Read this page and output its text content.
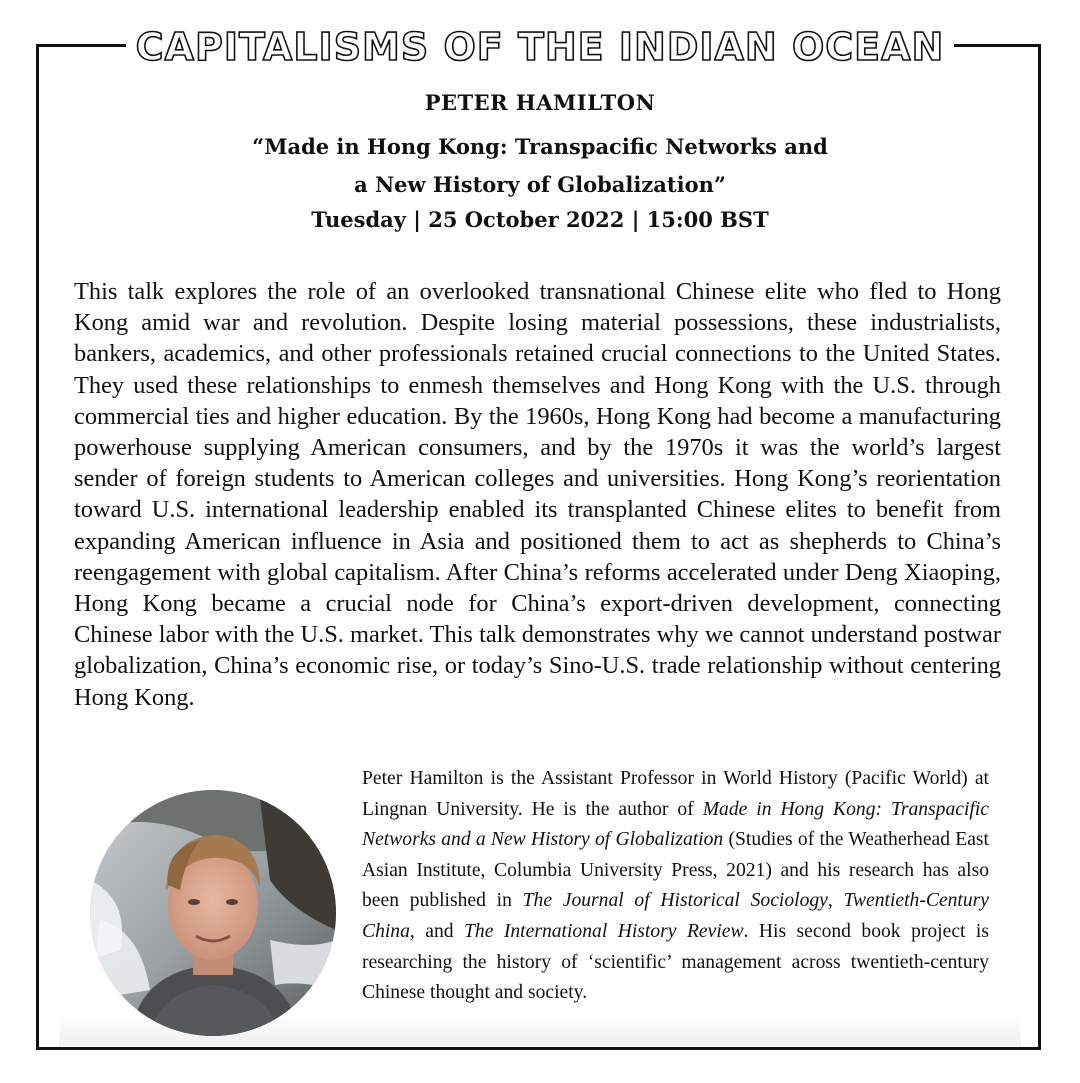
CAPITALISMS OF THE INDIAN OCEAN
PETER HAMILTON
“Made in Hong Kong: Transpacific Networks and
a New History of Globalization”
Tuesday | 25 October 2022 | 15:00 BST

This talk explores the role of an overlooked transnational Chinese elite who fled to Hong Kong amid war and revolution. Despite losing material possessions, these industrialists, bankers, academics, and other professionals retained crucial connections to the United States. They used these relationships to enmesh themselves and Hong Kong with the U.S. through commercial ties and higher education. By the 1960s, Hong Kong had become a manufacturing powerhouse supplying American consumers, and by the 1970s it was the world’s largest sender of foreign students to American colleges and universities. Hong Kong’s reorientation toward U.S. international leadership enabled its transplanted Chinese elites to benefit from expanding American influence in Asia and positioned them to act as shepherds to China’s reengagement with global capitalism. After China’s reforms accelerated under Deng Xiaoping, Hong Kong became a crucial node for China’s export-driven development, connecting Chinese labor with the U.S. market. This talk demonstrates why we cannot understand postwar globalization, China’s economic rise, or today’s Sino-U.S. trade relationship without centering Hong Kong.

Peter Hamilton is the Assistant Professor in World History (Pacific World) at Lingnan University. He is the author of Made in Hong Kong: Transpacific Networks and a New History of Globalization (Studies of the Weatherhead East Asian Institute, Columbia University Press, 2021) and his research has also been published in The Journal of Historical Sociology, Twentieth-Century China, and The International History Review. His second book project is researching the history of ‘scientific’ management across twentieth-century Chinese thought and society.
